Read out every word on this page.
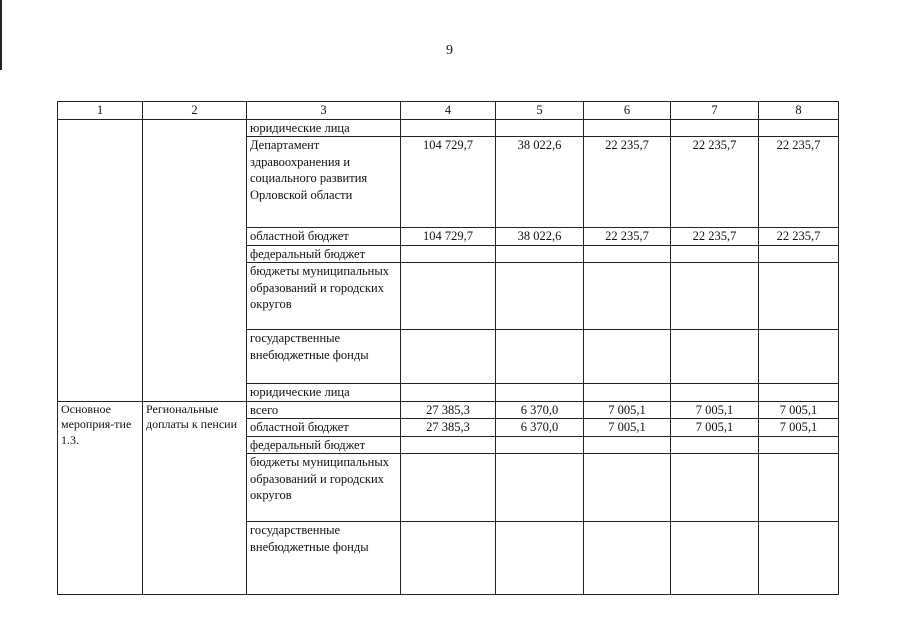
9
1	2	3	4	5	6	7	8
		юридические лица					
		Департамент здравоохранения и социального развития Орловской области	104 729,7	38 022,6	22 235,7	22 235,7	22 235,7
		областной бюджет	104 729,7	38 022,6	22 235,7	22 235,7	22 235,7
		федеральный бюджет					
		бюджеты муниципальных образований и городских округов					
		государственные внебюджетные фонды					
		юридические лица					
Основное мероприя-тие 1.3.	Региональные доплаты к пенсии	всего	27 385,3	6 370,0	7 005,1	7 005,1	7 005,1
		областной бюджет	27 385,3	6 370,0	7 005,1	7 005,1	7 005,1
		федеральный бюджет					
		бюджеты муниципальных образований и городских округов					
		государственные внебюджетные фонды					
